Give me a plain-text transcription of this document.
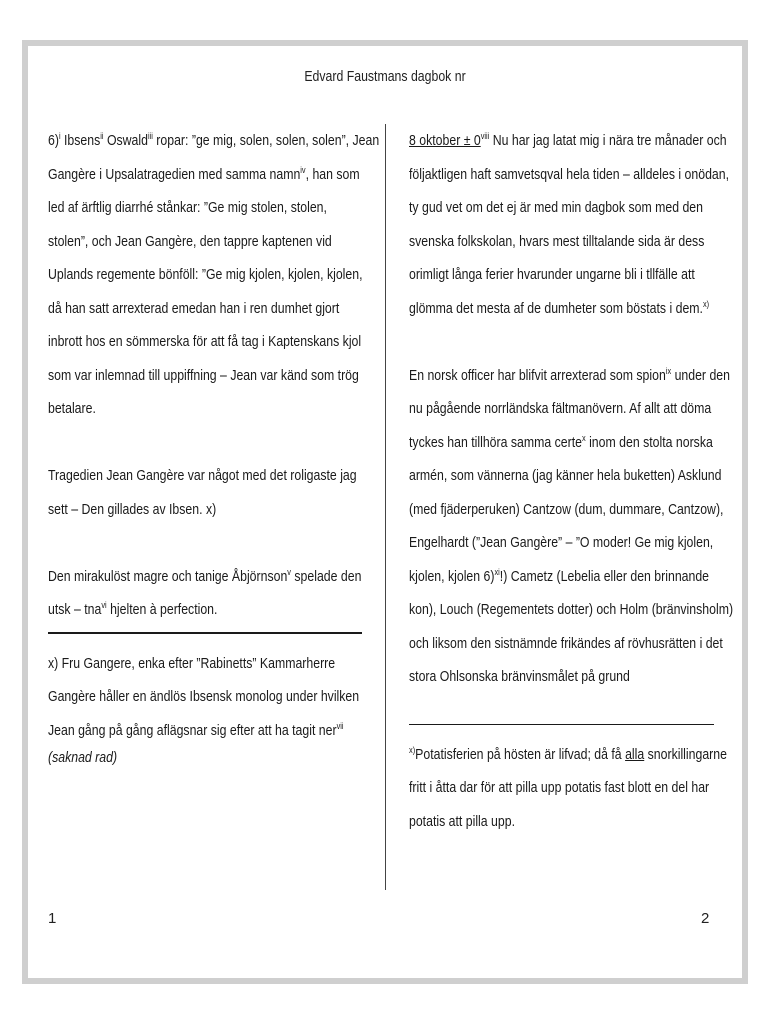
Edvard Faustmans dagbok nr

6)$^i$ Ibsens$^{ii}$ Oswald$^{iii}$ ropar: ”ge mig, solen, solen, solen”, Jean

Gangère i Upsalatragedien med samma namn$^{iv}$, han som

led af ärftlig diarrhé stånkar: ”Ge mig stolen, stolen,

stolen”, och Jean Gangère, den tappre kaptenen vid

Uplands regemente bönföll: ”Ge mig kjolen, kjolen, kjolen,

då han satt arrexterad emedan han i ren dumhet gjort

inbrott hos en sömmerska för att få tag i Kaptenskans kjol

som var inlemnad till uppiffning – Jean var känd som trög

betalare.

Tragedien Jean Gangère var något med det roligaste jag

sett – Den gillades av Ibsen. x)

Den mirakulöst magre och tanige Åbjörnson$^v$ spelade den

utsk – tna$^{vi}$ hjelten à perfection.

x) Fru Gangere, enka efter ”Rabinetts” Kammarherre

Gangère håller en ändlös Ibsensk monolog under hvilken

Jean gång på gång aflägsnar sig efter att ha tagit ner$^{vii}$

(saknad rad)

8 oktober ± $0^{viii}$ Nu har jag latat mig i nära tre månader och

följaktligen haft samvetsqval hela tiden – alldeles i onödan,

ty gud vet om det ej är med min dagbok som med den

svenska folkskolan, hvars mest tilltalande sida är dess

orimligt långa ferier hvarunder ungarne bli i tllfälle att

glömma det mesta af de dumheter som böstats i dem.$^{x)}$

En norsk officer har blifvit arrexterad som spion$^{ix}$ under den

nu pågående norrländska fältmanövern. Af allt att döma

tyckes han tillhöra samma certe$^x$ inom den stolta norska

armén, som vännerna (jag känner hela buketten) Asklund

(med fjäderperuken) Cantzow (dum, dummare, Cantzow),

Engelhardt (”Jean Gangère” – ”O moder! Ge mig kjolen,

kjolen, kjolen 6)$^{xi}$!) Cametz (Lebelia eller den brinnande

kon), Louch (Regementets dotter) och Holm (bränvinsholm)

och liksom den sistnämnde frikändes af rövhusrätten i det

stora Ohlsonska bränvinsmålet på grund

$^{x)}$Potatisferien på hösten är lifvad; då få alla snorkillingarne

fritt i åtta dar för att pilla upp potatis fast blott en del har

potatis att pilla upp.

1	2
